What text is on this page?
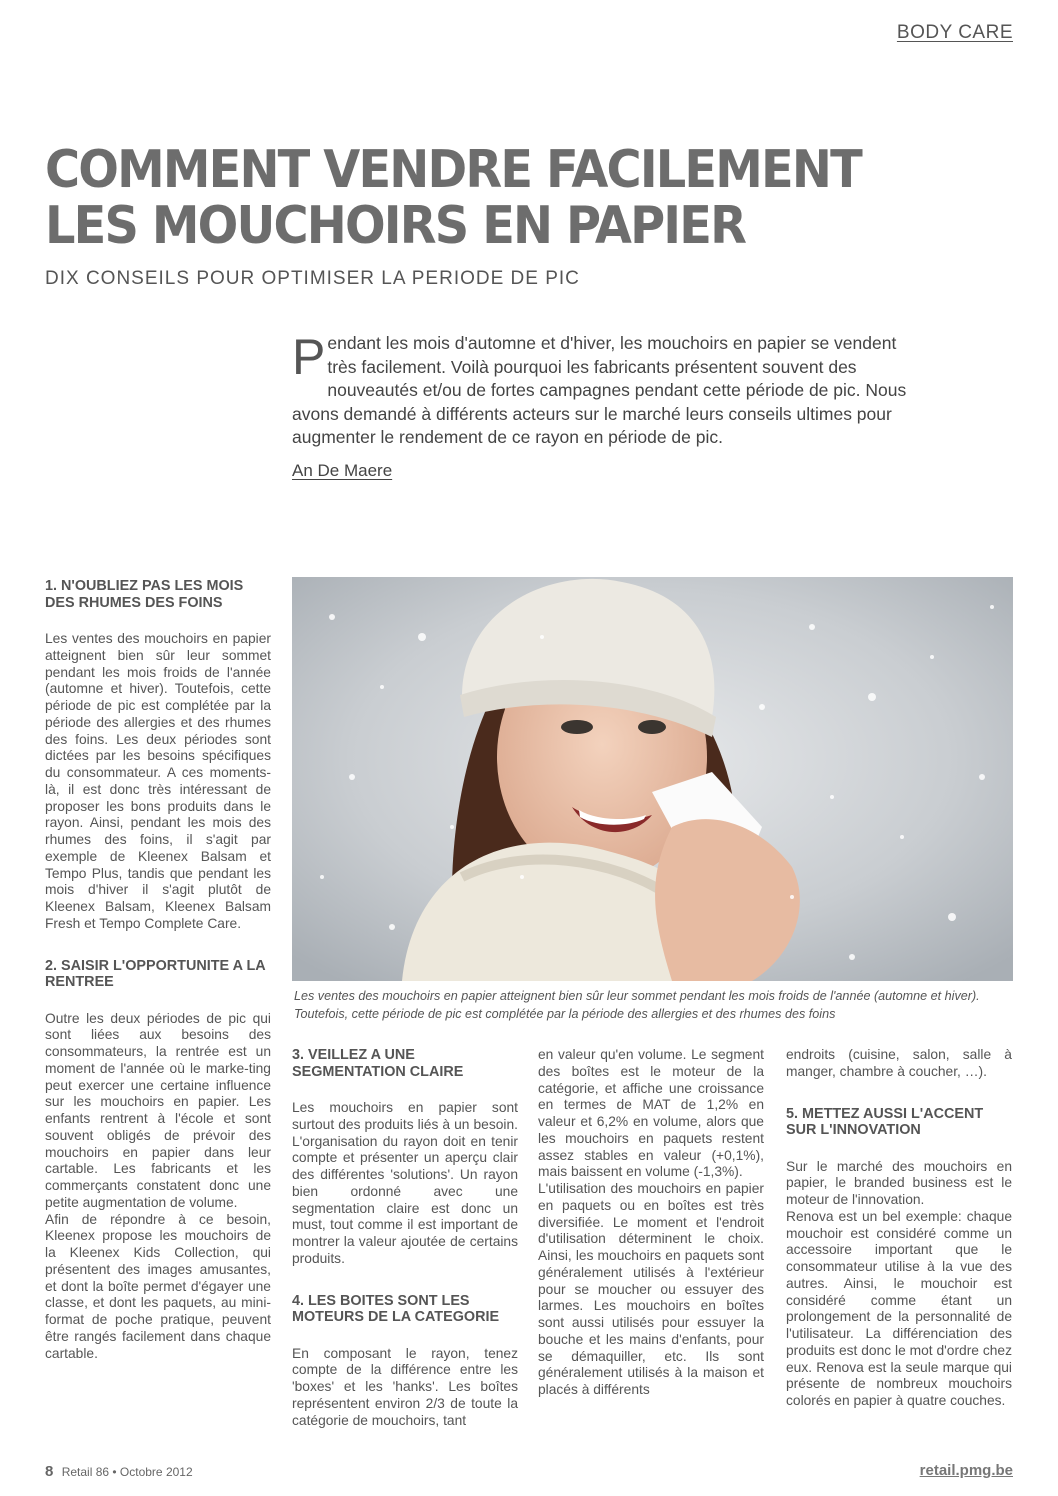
BODY CARE
COMMENT VENDRE FACILEMENT
LES MOUCHOIRS EN PAPIER
DIX CONSEILS POUR OPTIMISER LA PERIODE DE PIC
P endant les mois d'automne et d'hiver, les mouchoirs en papier se vendent très facilement. Voilà pourquoi les fabricants présentent souvent des nouveautés et/ou de fortes campagnes pendant cette période de pic. Nous avons demandé à différents acteurs sur le marché leurs conseils ultimes pour augmenter le rendement de ce rayon en période de pic.
An De Maere
Les ventes des mouchoirs en papier atteignent bien sûr leur sommet pendant les mois froids de l'année (automne et hiver). Toutefois, cette période de pic est complétée par la période des allergies et des rhumes des foins
1. N'OUBLIEZ PAS LES MOIS DES RHUMES DES FOINS

Les ventes des mouchoirs en papier atteignent bien sûr leur sommet pendant les mois froids de l'année (automne et hiver). Toutefois, cette période de pic est complétée par la période des allergies et des rhumes des foins. Les deux périodes sont dictées par les besoins spécifiques du consommateur. A ces moments-là, il est donc très intéressant de proposer les bons produits dans le rayon. Ainsi, pendant les mois des rhumes des foins, il s'agit par exemple de Kleenex Balsam et Tempo Plus, tandis que pendant les mois d'hiver il s'agit plutôt de Kleenex Balsam, Kleenex Balsam Fresh et Tempo Complete Care.

2. SAISIR L'OPPORTUNITE A LA RENTREE

Outre les deux périodes de pic qui sont liées aux besoins des consommateurs, la rentrée est un moment de l'année où le marke-ting peut exercer une certaine influence sur les mouchoirs en papier. Les enfants rentrent à l'école et sont souvent obligés de prévoir des mouchoirs en papier dans leur cartable. Les fabricants et les commerçants constatent donc une petite augmentation de volume.

Afin de répondre à ce besoin, Kleenex propose les mouchoirs de la Kleenex Kids Collection, qui présentent des images amusantes, et dont la boîte permet d'égayer une classe, et dont les paquets, au mini-format de poche pratique, peuvent être rangés facilement dans chaque cartable.

3. VEILLEZ A UNE SEGMENTATION CLAIRE

Les mouchoirs en papier sont surtout des produits liés à un besoin. L'organisation du rayon doit en tenir compte et présenter un aperçu clair des différentes 'solutions'. Un rayon bien ordonné avec une segmentation claire est donc un must, tout comme il est important de montrer la valeur ajoutée de certains produits.

4. LES BOITES SONT LES MOTEURS DE LA CATEGORIE

En composant le rayon, tenez compte de la différence entre les 'boxes' et les 'hanks'. Les boîtes représentent environ 2/3 de toute la catégorie de mouchoirs, tant

en valeur qu'en volume. Le segment des boîtes est le moteur de la catégorie, et affiche une croissance en termes de MAT de 1,2% en valeur et 6,2% en volume, alors que les mouchoirs en paquets restent assez stables en valeur (+0,1%), mais baissent en volume (-1,3%).

L'utilisation des mouchoirs en papier en paquets ou en boîtes est très diversifiée. Le moment et l'endroit d'utilisation déterminent le choix. Ainsi, les mouchoirs en paquets sont généralement utilisés à l'extérieur pour se moucher ou essuyer des larmes. Les mouchoirs en boîtes sont aussi utilisés pour essuyer la bouche et les mains d'enfants, pour se démaquiller, etc. Ils sont généralement utilisés à la maison et placés à différents

endroits (cuisine, salon, salle à manger, chambre à coucher, …).

5. METTEZ AUSSI L'ACCENT SUR L'INNOVATION

Sur le marché des mouchoirs en papier, le branded business est le moteur de l'innovation.

Renova est un bel exemple: chaque mouchoir est considéré comme un accessoire important que le consommateur utilise à la vue des autres. Ainsi, le mouchoir est considéré comme étant un prolongement de la personnalité de l'utilisateur. La différenciation des produits est donc le mot d'ordre chez eux. Renova est la seule marque qui présente de nombreux mouchoirs colorés en papier à quatre couches.

8 Retail 86 • Octobre 2012	retail.pmg.be
